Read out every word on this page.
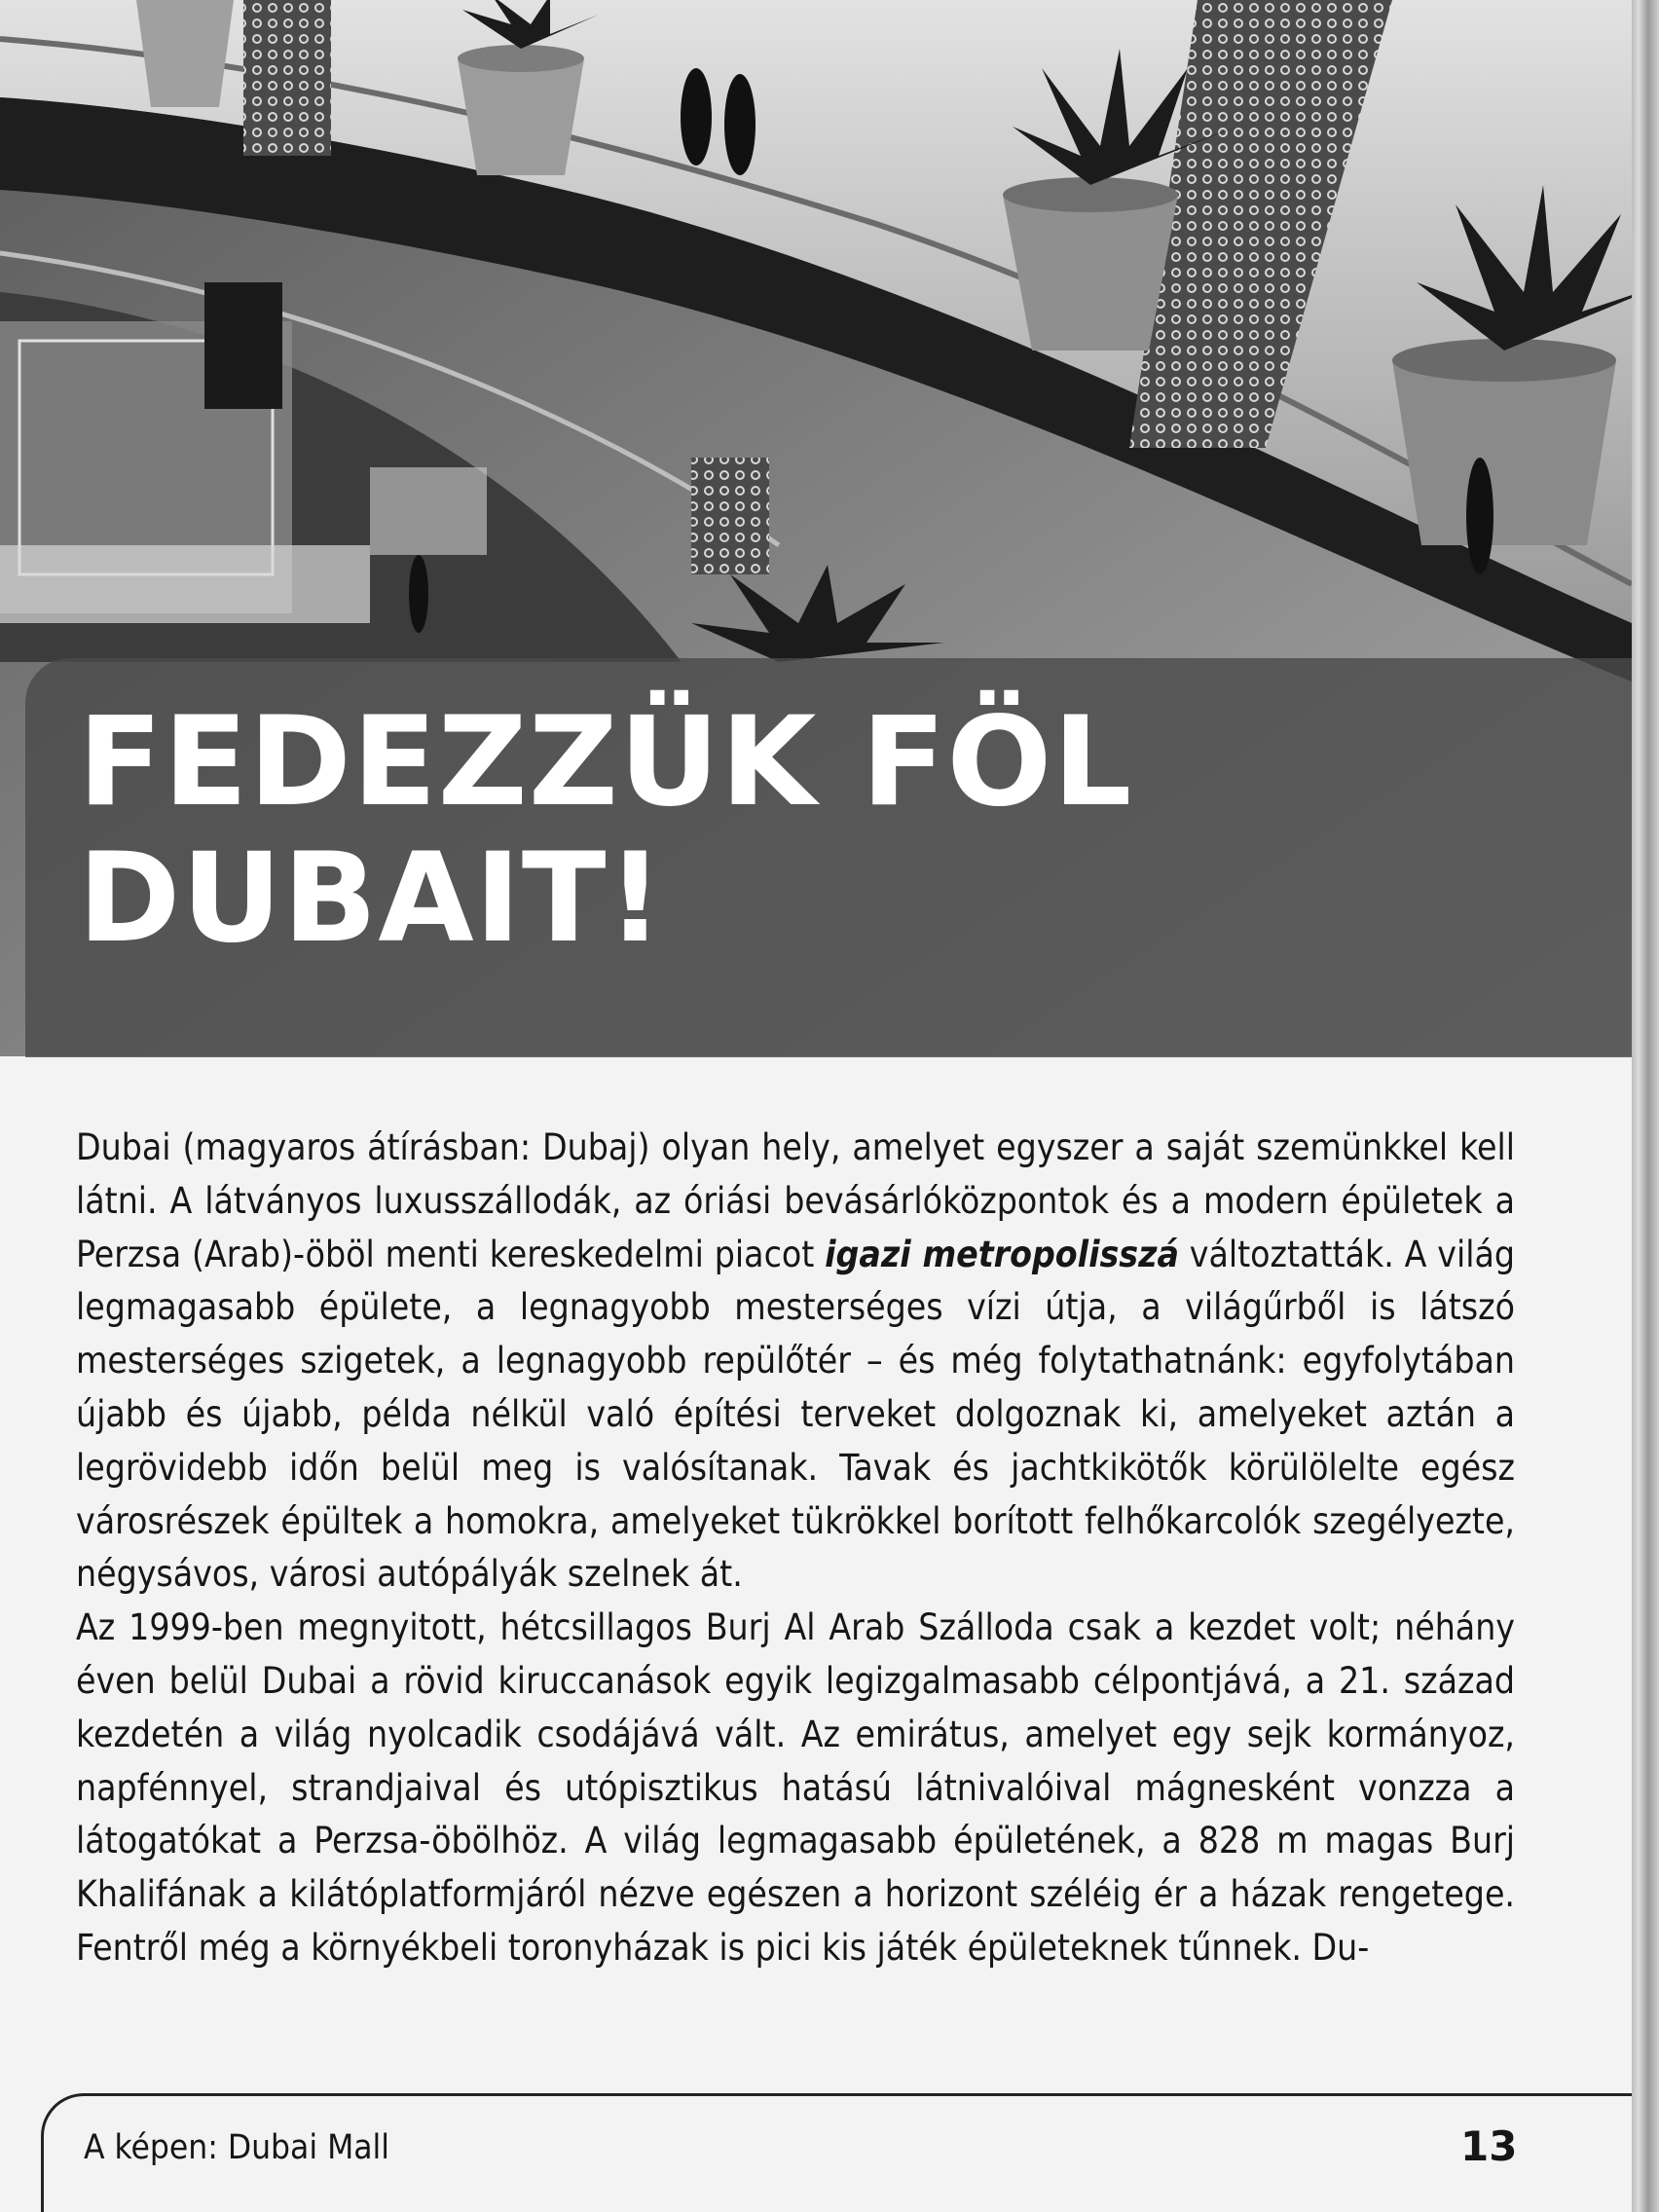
FEDEZZÜK FÖL
DUBAIT!

Dubai (magyaros átírásban: Dubaj) olyan hely, amelyet egyszer a saját szemünkkel kell látni. A látványos luxusszállodák, az óriási bevásárlóközpontok és a modern épületek a Perzsa (Arab)-öböl menti kereskedelmi piacot igazi metropolisszá változtatták. A világ legmagasabb épülete, a legnagyobb mesterséges vízi útja, a világűrből is látszó mesterséges szigetek, a legnagyobb repülőtér – és még folytathatnánk: egyfolytában újabb és újabb, példa nélkül való építési terveket dolgoznak ki, amelyeket aztán a legrövidebb időn belül meg is valósítanak. Tavak és jachtkikötők körülölelte egész városrészek épültek a homokra, amelyeket tükrökkel borított felhőkarcolók szegélyezte, négysávos, városi autópályák szelnek át.

Az 1999-ben megnyitott, hétcsillagos Burj Al Arab Szálloda csak a kezdet volt; néhány éven belül Dubai a rövid kiruccanások egyik legizgalmasabb célpontjává, a 21. század kezdetén a világ nyolcadik csodájává vált. Az emirátus, amelyet egy sejk kormányoz, napfénnyel, strandjaival és utópisztikus hatású látnivalóival mágnesként vonzza a látogatókat a Perzsa-öbölhöz. A világ legmagasabb épületének, a 828 m magas Burj Khalifának a kilátóplatformjáról nézve egészen a horizont széléig ér a házak rengetege. Fentről még a környékbeli toronyházak is pici kis játék épületeknek tűnnek. Du-

A képen: Dubai Mall	13
